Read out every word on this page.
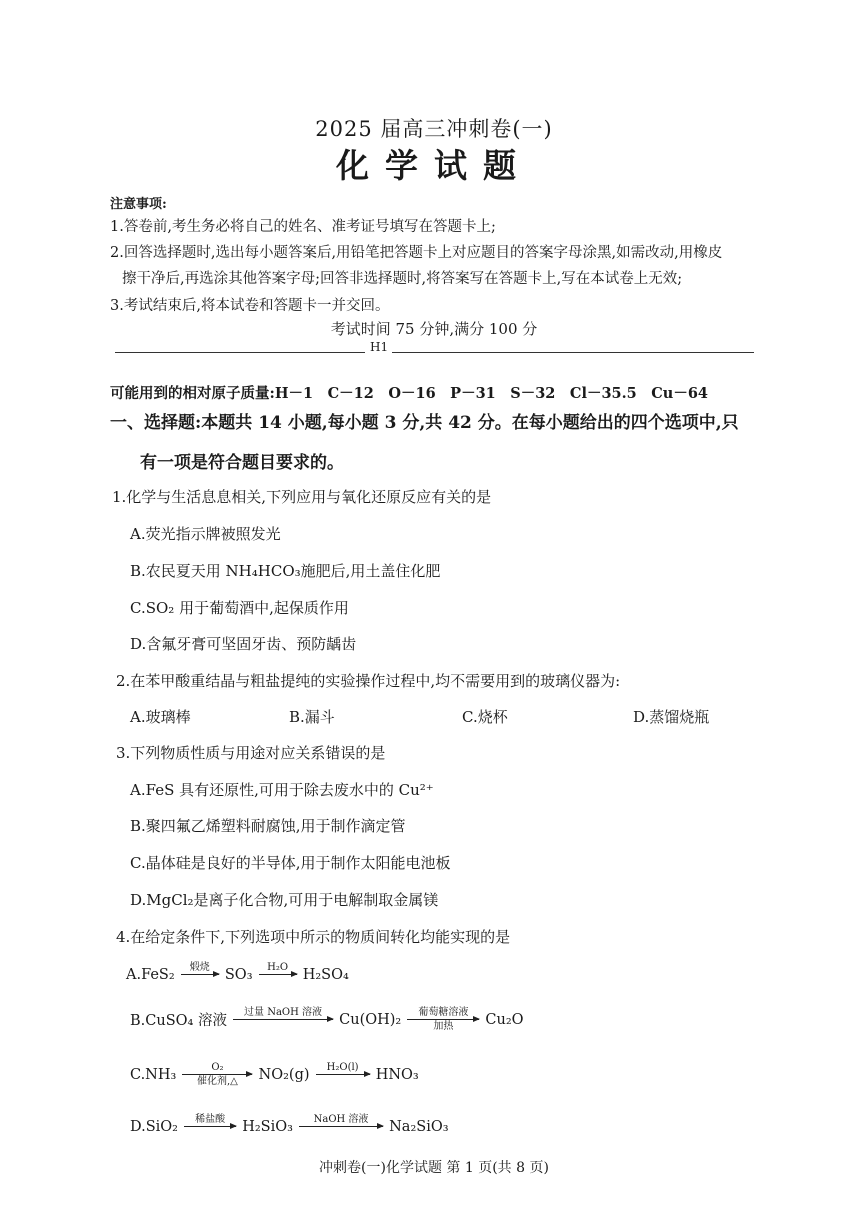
2025 届高三冲刺卷(一)
化学试题
注意事项:
1.答卷前,考生务必将自己的姓名、准考证号填写在答题卡上;
2.回答选择题时,选出每小题答案后,用铅笔把答题卡上对应题目的答案字母涂黑,如需改动,用橡皮
擦干净后,再选涂其他答案字母;回答非选择题时,将答案写在答题卡上,写在本试卷上无效;
3.考试结束后,将本试卷和答题卡一并交回。
考试时间 75 分钟,满分 100 分
H1
可能用到的相对原子质量:H－1　C－12　O－16　P－31　S－32　Cl－35.5　Cu－64
一、选择题:本题共 14 小题,每小题 3 分,共 42 分。在每小题给出的四个选项中,只
有一项是符合题目要求的。
1.化学与生活息息相关,下列应用与氧化还原反应有关的是
A.荧光指示牌被照发光
B.农民夏天用 NH₄HCO₃施肥后,用土盖住化肥
C.SO₂ 用于葡萄酒中,起保质作用
D.含氟牙膏可坚固牙齿、预防龋齿
2.在苯甲酸重结晶与粗盐提纯的实验操作过程中,均不需要用到的玻璃仪器为:
A.玻璃棒	B.漏斗	C.烧杯	D.蒸馏烧瓶
3.下列物质性质与用途对应关系错误的是
A.FeS 具有还原性,可用于除去废水中的 Cu²⁺
B.聚四氟乙烯塑料耐腐蚀,用于制作滴定管
C.晶体硅是良好的半导体,用于制作太阳能电池板
D.MgCl₂是离子化合物,可用于电解制取金属镁
4.在给定条件下,下列选项中所示的物质间转化均能实现的是
A.FeS₂	煅烧
	SO₃	H₂O
	H₂SO₄
B.CuSO₄ 溶液
过量 NaOH 溶液
	Cu(OH)₂	葡萄糖溶液
加热	Cu₂O
C.NH₃	O₂
催化剂,△	NO₂(g)	H₂O(l)
	HNO₃
D.SiO₂	稀盐酸
	H₂SiO₃	NaOH 溶液
	Na₂SiO₃
冲刺卷(一)化学试题 第 1 页(共 8 页)
